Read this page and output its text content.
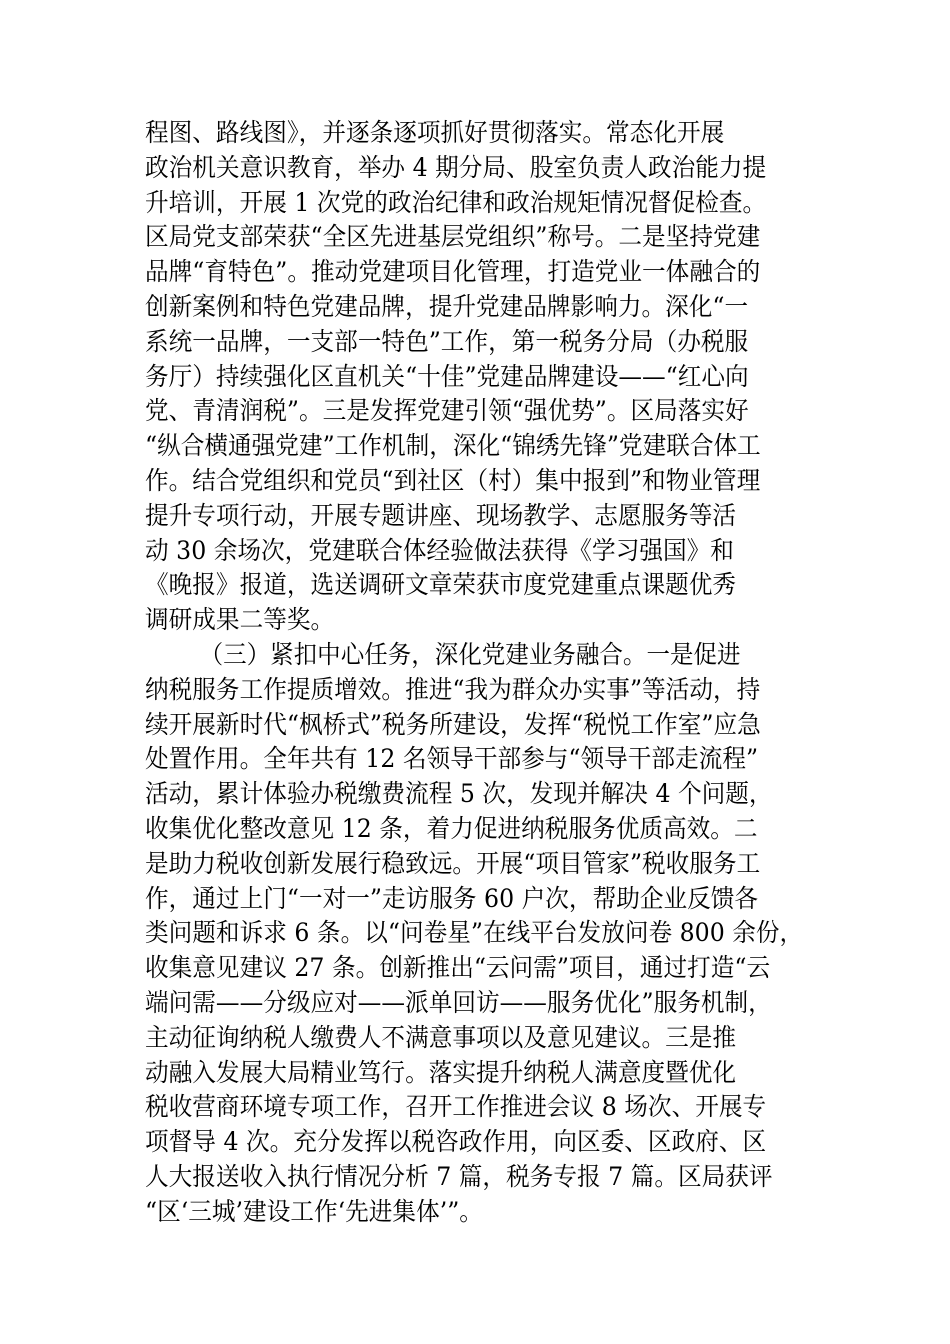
程图、路线图》，并逐条逐项抓好贯彻落实。常态化开展
政治机关意识教育，举办 4 期分局、股室负责人政治能力提
升培训，开展 1 次党的政治纪律和政治规矩情况督促检查。
区局党支部荣获“全区先进基层党组织”称号。二是坚持党建
品牌“育特色”。推动党建项目化管理，打造党业一体融合的
创新案例和特色党建品牌，提升党建品牌影响力。深化“一
系统一品牌，一支部一特色”工作，第一税务分局（办税服
务厅）持续强化区直机关“十佳”党建品牌建设——“红心向
党、青清润税”。三是发挥党建引领“强优势”。区局落实好
“纵合横通强党建”工作机制，深化“锦绣先锋”党建联合体工
作。结合党组织和党员“到社区（村）集中报到”和物业管理
提升专项行动，开展专题讲座、现场教学、志愿服务等活
动 30 余场次，党建联合体经验做法获得《学习强国》和
《晚报》报道，选送调研文章荣获市度党建重点课题优秀
调研成果二等奖。
（三）紧扣中心任务，深化党建业务融合。一是促进
纳税服务工作提质增效。推进“我为群众办实事”等活动，持
续开展新时代“枫桥式”税务所建设，发挥“税悦工作室”应急
处置作用。全年共有 12 名领导干部参与“领导干部走流程”
活动，累计体验办税缴费流程 5 次，发现并解决 4 个问题，
收集优化整改意见 12 条，着力促进纳税服务优质高效。二
是助力税收创新发展行稳致远。开展“项目管家”税收服务工
作，通过上门“一对一”走访服务 60 户次，帮助企业反馈各
类问题和诉求 6 条。以“问卷星”在线平台发放问卷 800 余份，
收集意见建议 27 条。创新推出“云问需”项目，通过打造“云
端问需——分级应对——派单回访——服务优化”服务机制，
主动征询纳税人缴费人不满意事项以及意见建议。三是推
动融入发展大局精业笃行。落实提升纳税人满意度暨优化
税收营商环境专项工作，召开工作推进会议 8 场次、开展专
项督导 4 次。充分发挥以税咨政作用，向区委、区政府、区
人大报送收入执行情况分析 7 篇，税务专报 7 篇。区局获评
“区‘三城’建设工作‘先进集体’”。
